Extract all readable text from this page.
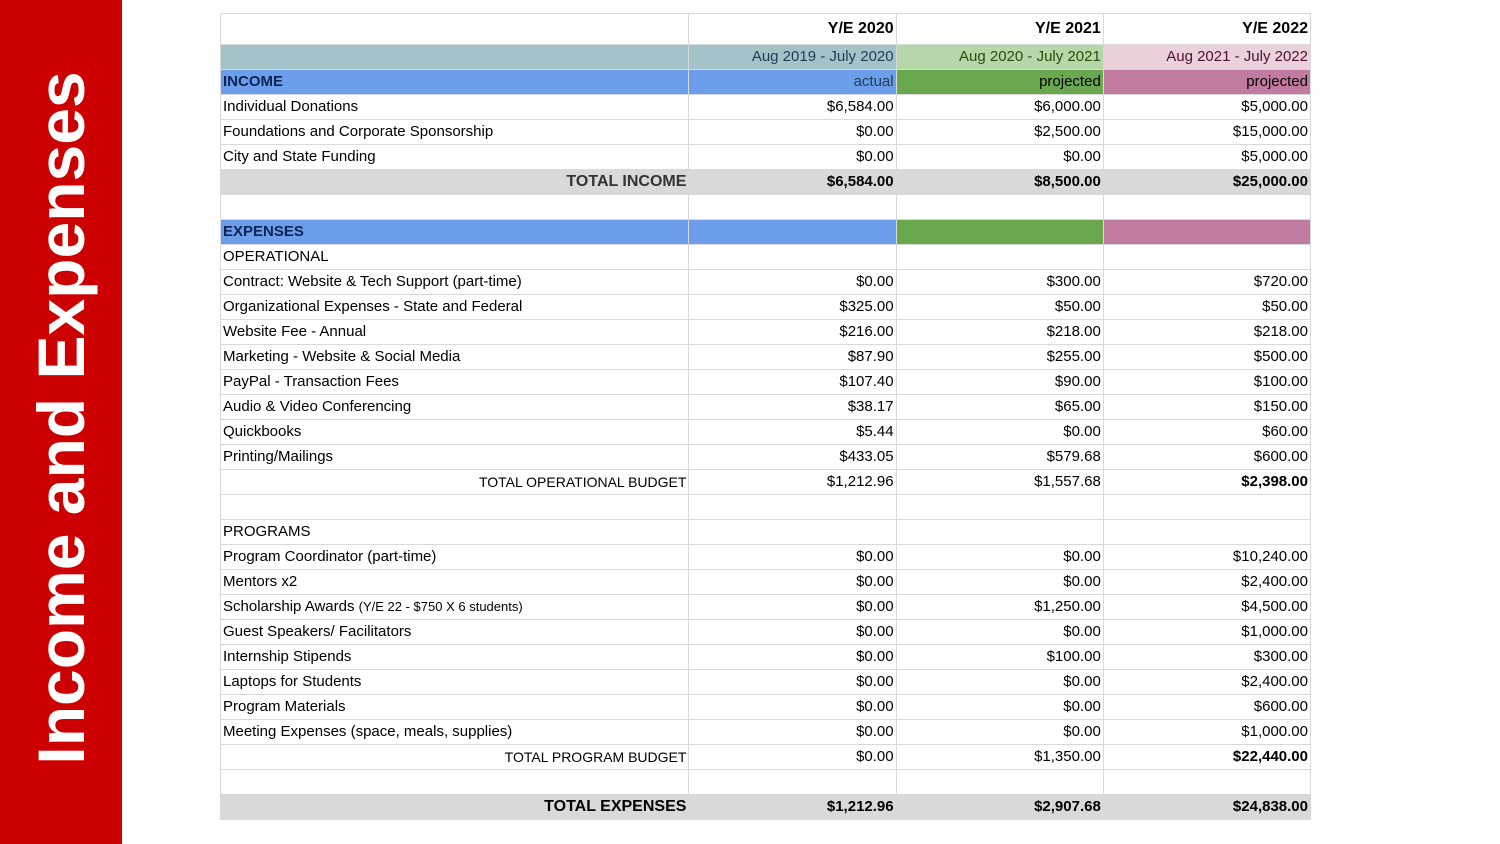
Income and Expenses
	Y/E 2020	Y/E 2021	Y/E 2022
	Aug 2019 - July 2020	Aug 2020 - July 2021	Aug 2021 - July 2022
INCOME	actual	projected	projected
Individual Donations	$6,584.00	$6,000.00	$5,000.00
Foundations and Corporate Sponsorship	$0.00	$2,500.00	$15,000.00
City and State Funding	$0.00	$0.00	$5,000.00
TOTAL INCOME	$6,584.00	$8,500.00	$25,000.00

EXPENSES			
OPERATIONAL			
Contract: Website & Tech Support (part-time)	$0.00	$300.00	$720.00
Organizational Expenses - State and Federal	$325.00	$50.00	$50.00
Website Fee - Annual	$216.00	$218.00	$218.00
Marketing - Website & Social Media	$87.90	$255.00	$500.00
PayPal - Transaction Fees	$107.40	$90.00	$100.00
Audio & Video Conferencing	$38.17	$65.00	$150.00
Quickbooks	$5.44	$0.00	$60.00
Printing/Mailings	$433.05	$579.68	$600.00
TOTAL OPERATIONAL BUDGET	$1,212.96	$1,557.68	$2,398.00

PROGRAMS			
Program Coordinator (part-time)	$0.00	$0.00	$10,240.00
Mentors x2	$0.00	$0.00	$2,400.00
Scholarship Awards (Y/E 22 - $750 X 6 students)	$0.00	$1,250.00	$4,500.00
Guest Speakers/ Facilitators	$0.00	$0.00	$1,000.00
Internship Stipends	$0.00	$100.00	$300.00
Laptops for Students	$0.00	$0.00	$2,400.00
Program Materials	$0.00	$0.00	$600.00
Meeting Expenses (space, meals, supplies)	$0.00	$0.00	$1,000.00
TOTAL PROGRAM BUDGET	$0.00	$1,350.00	$22,440.00

TOTAL EXPENSES	$1,212.96	$2,907.68	$24,838.00
